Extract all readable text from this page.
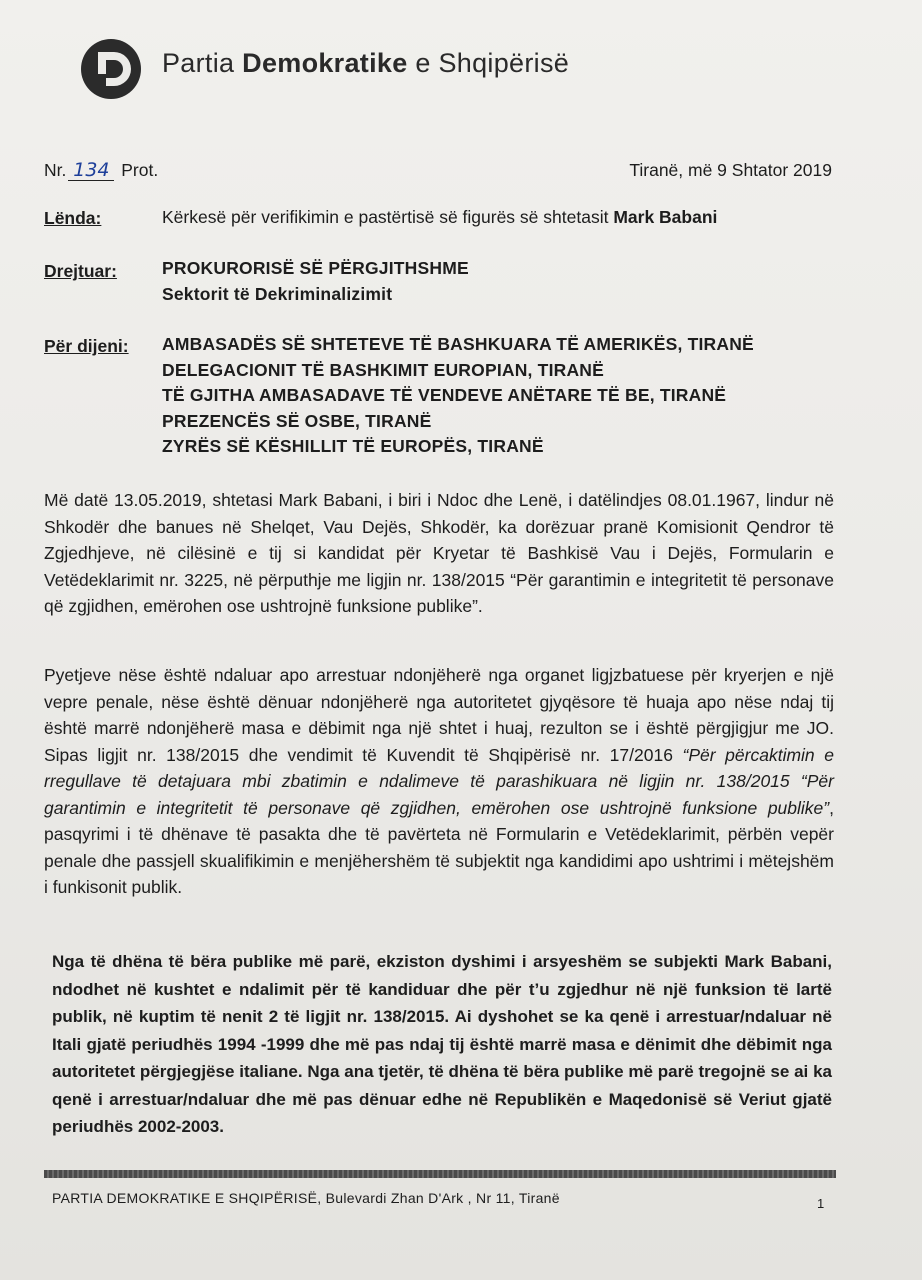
Partia Demokratike e Shqipërisë
Nr. 134 Prot.	Tiranë, më 9 Shtator 2019
Lënda:	Kërkesë për verifikimin e pastërtisë së figurës së shtetasit Mark Babani
Drejtuar:	PROKURORISË SË PËRGJITHSHME
Sektorit të Dekriminalizimit
Për dijeni: AMBASADËS SË SHTETEVE TË BASHKUARA TË AMERIKËS, TIRANË
DELEGACIONIT TË BASHKIMIT EUROPIAN, TIRANË
TË GJITHA AMBASADAVE TË VENDEVE ANËTARE TË BE, TIRANË
PREZENCËS SË OSBE, TIRANË
ZYRËS SË KËSHILLIT TË EUROPËS, TIRANË
Më datë 13.05.2019, shtetasi Mark Babani, i biri i Ndoc dhe Lenë, i datëlindjes 08.01.1967, lindur në Shkodër dhe banues në Shelqet, Vau Dejës, Shkodër, ka dorëzuar pranë Komisionit Qendror të Zgjedhjeve, në cilësinë e tij si kandidat për Kryetar të Bashkisë Vau i Dejës, Formularin e Vetëdeklarimit nr. 3225, në përputhje me ligjin nr. 138/2015 “Për garantimin e integritetit të personave që zgjidhen, emërohen ose ushtrojnë funksione publike”.
Pyetjeve nëse është ndaluar apo arrestuar ndonjëherë nga organet ligjzbatuese për kryerjen e një vepre penale, nëse është dënuar ndonjëherë nga autoritetet gjyqësore të huaja apo nëse ndaj tij është marrë ndonjëherë masa e dëbimit nga një shtet i huaj, rezulton se i është përgjigjur me JO. Sipas ligjit nr. 138/2015 dhe vendimit të Kuvendit të Shqipërisë nr. 17/2016 “Për përcaktimin e rregullave të detajuara mbi zbatimin e ndalimeve të parashikuara në ligjin nr. 138/2015 “Për garantimin e integritetit të personave që zgjidhen, emërohen ose ushtrojnë funksione publike”, pasqyrimi i të dhënave të pasakta dhe të pavërteta në Formularin e Vetëdeklarimit, përbën vepër penale dhe passjell skualifikimin e menjëhershëm të subjektit nga kandidimi apo ushtrimi i mëtejshëm i funkisonit publik.
Nga të dhëna të bëra publike më parë, ekziston dyshimi i arsyeshëm se subjekti Mark Babani, ndodhet në kushtet e ndalimit për të kandiduar dhe për t’u zgjedhur në një funksion të lartë publik, në kuptim të nenit 2 të ligjit nr. 138/2015. Ai dyshohet se ka qenë i arrestuar/ndaluar në Itali gjatë periudhës 1994 -1999 dhe më pas ndaj tij është marrë masa e dënimit dhe dëbimit nga autoritetet përgjegjëse italiane. Nga ana tjetër, të dhëna të bëra publike më parë tregojnë se ai ka qenë i arrestuar/ndaluar dhe më pas dënuar edhe në Republikën e Maqedonisë së Veriut gjatë periudhës 2002-2003.
PARTIA DEMOKRATIKE E SHQIPËRISË, Bulevardi Zhan D'Ark , Nr 11, Tiranë	1
